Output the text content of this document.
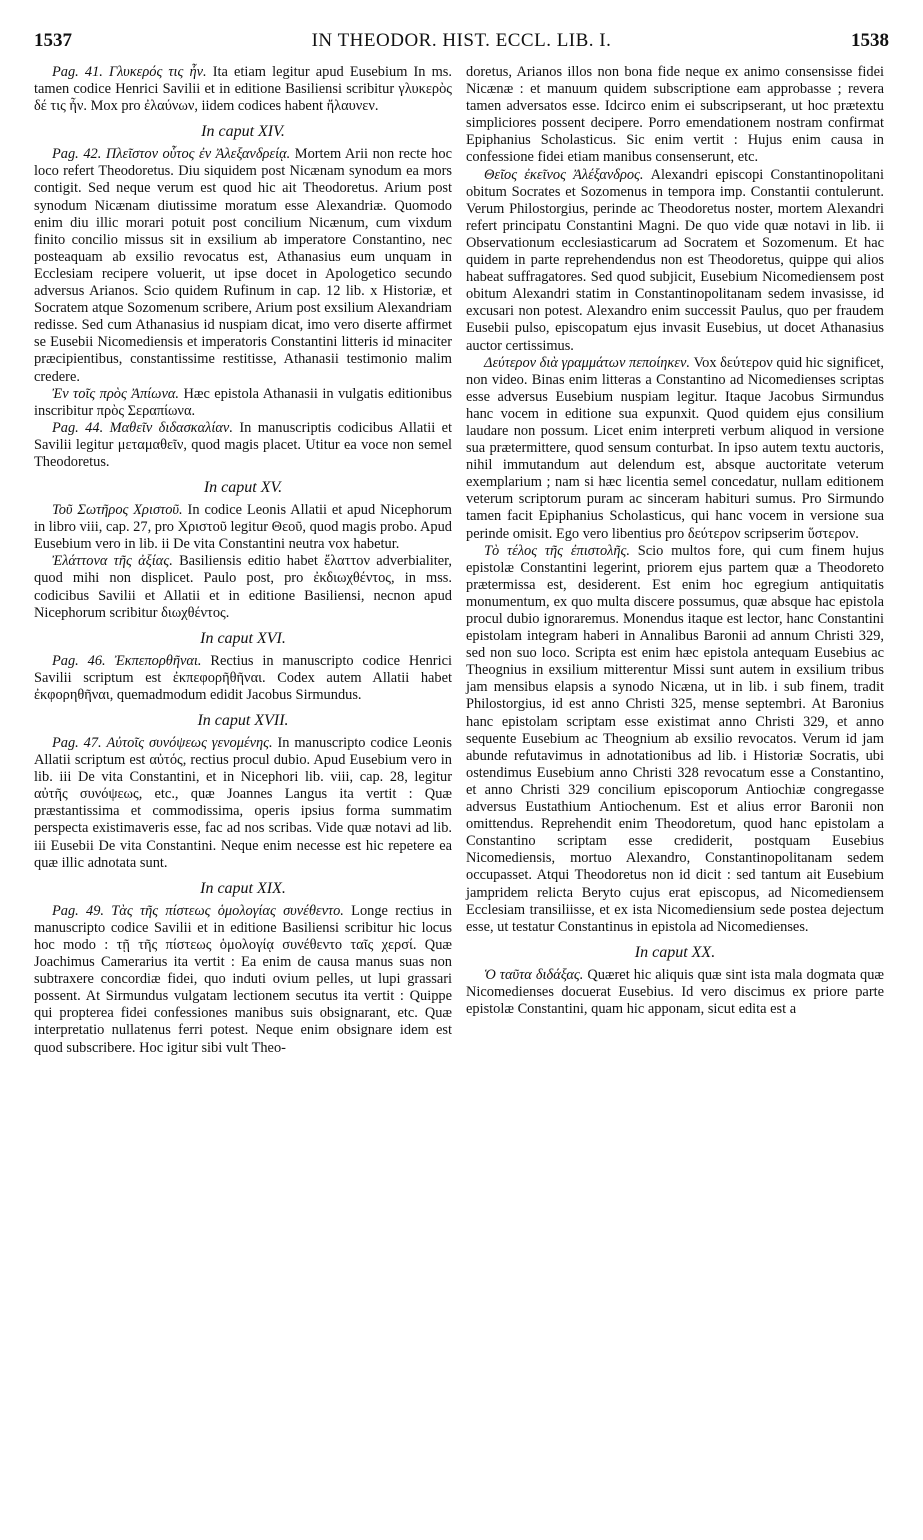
1537	IN THEODOR. HIST. ECCL. LIB. I.	1538

Pag. 41. Γλυκερός τις ἦν. Ita etiam legitur apud Eusebium In ms. tamen codice Henrici Savilii et in editione Basiliensi scribitur γλυκερὸς δέ τις ἦν. Mox pro ἐλαύνων, iidem codices habent ἤλαυνεν.

In caput XIV.

Pag. 42. Πλεῖστον οὗτος ἐν Ἀλεξανδρείᾳ. Mortem Arii non recte hoc loco refert Theodoretus. Diu siquidem post Nicænam synodum ea mors contigit. Sed neque verum est quod hic ait Theodoretus. Arium post synodum Nicænam diutissime moratum esse Alexandriæ. Quomodo enim diu illic morari potuit post concilium Nicænum, cum vixdum finito concilio missus sit in exsilium ab imperatore Constantino, nec posteaquam ab exsilio revocatus est, Athanasius eum unquam in Ecclesiam recipere voluerit, ut ipse docet in Apologetico secundo adversus Arianos. Scio quidem Rufinum in cap. 12 lib. x Historiæ, et Socratem atque Sozomenum scribere, Arium post exsilium Alexandriam redisse. Sed cum Athanasius id nuspiam dicat, imo vero diserte affirmet se Eusebii Nicomediensis et imperatoris Constantini litteris id minaciter præcipientibus, constantissime restitisse, Athanasii testimonio malim credere.

Ἐν τοῖς πρὸς Ἀπίωνα. Hæc epistola Athanasii in vulgatis editionibus inscribitur πρὸς Σεραπίωνα.

Pag. 44. Μαθεῖν διδασκαλίαν. In manuscriptis codicibus Allatii et Savilii legitur μεταμαθεῖν, quod magis placet. Utitur ea voce non semel Theodoretus.

In caput XV.

Τοῦ Σωτῆρος Χριστοῦ. In codice Leonis Allatii et apud Nicephorum in libro viii, cap. 27, pro Χριστοῦ legitur Θεοῦ, quod magis probo. Apud Eusebium vero in lib. ii De vita Constantini neutra vox habetur.

Ἐλάττονα τῆς ἀξίας. Basiliensis editio habet ἔλαττον adverbialiter, quod mihi non displicet. Paulo post, pro ἐκδιωχθέντος, in mss. codicibus Savilii et Allatii et in editione Basiliensi, necnon apud Nicephorum scribitur διωχθέντος.

In caput XVI.

Pag. 46. Ἐκπεπορθῆναι. Rectius in manuscripto codice Henrici Savilii scriptum est ἐκπεφορῆθῆναι. Codex autem Allatii habet ἐκφορηθῆναι, quemadmodum edidit Jacobus Sirmundus.

In caput XVII.

Pag. 47. Αὐτοῖς συνόψεως γενομένης. In manuscripto codice Leonis Allatii scriptum est αὐτός, rectius procul dubio. Apud Eusebium vero in lib. iii De vita Constantini, et in Nicephori lib. viii, cap. 28, legitur αὐτῆς συνόψεως, etc., quæ Joannes Langus ita vertit : Quæ præstantissima et commodissima, operis ipsius forma summatim perspecta existimaveris esse, fac ad nos scribas. Vide quæ notavi ad lib. iii Eusebii De vita Constantini. Neque enim necesse est hic repetere ea quæ illic adnotata sunt.

In caput XIX.

Pag. 49. Τὰς τῆς πίστεως ὁμολογίας συνέθεντο. Longe rectius in manuscripto codice Savilii et in editione Basiliensi scribitur hic locus hoc modo : τῇ τῆς πίστεως ὁμολογίᾳ συνέθεντο ταῖς χερσί. Quæ Joachimus Camerarius ita vertit : Ea enim de causa manus suas non subtraxere concordiæ fidei, quo induti ovium pelles, ut lupi grassari possent. At Sirmundus vulgatam lectionem secutus ita vertit : Quippe qui propterea fidei confessiones manibus suis obsignarant, etc. Quæ interpretatio nullatenus ferri potest. Neque enim obsignare idem est quod subscribere. Hoc igitur sibi vult Theo-

doretus, Arianos illos non bona fide neque ex animo consensisse fidei Nicænæ : et manuum quidem subscriptione eam approbasse ; revera tamen adversatos esse. Idcirco enim ei subscripserant, ut hoc prætextu simpliciores possent decipere. Porro emendationem nostram confirmat Epiphanius Scholasticus. Sic enim vertit : Hujus enim causa in confessione fidei etiam manibus consenserunt, etc.

Θεῖος ἐκεῖνος Ἀλέξανδρος. Alexandri episcopi Constantinopolitani obitum Socrates et Sozomenus in tempora imp. Constantii contulerunt. Verum Philostorgius, perinde ac Theodoretus noster, mortem Alexandri refert principatu Constantini Magni. De quo vide quæ notavi in lib. ii Observationum ecclesiasticarum ad Socratem et Sozomenum. Et hac quidem in parte reprehendendus non est Theodoretus, quippe qui alios habeat suffragatores. Sed quod subjicit, Eusebium Nicomediensem post obitum Alexandri statim in Constantinopolitanam sedem invasisse, id excusari non potest. Alexandro enim successit Paulus, quo per fraudem Eusebii pulso, episcopatum ejus invasit Eusebius, ut docet Athanasius auctor certissimus.

Δεύτερον διὰ γραμμάτων πεποίηκεν. Vox δεύτερον quid hic significet, non video. Binas enim litteras a Constantino ad Nicomedienses scriptas esse adversus Eusebium nuspiam legitur. Itaque Jacobus Sirmundus hanc vocem in editione sua expunxit. Quod quidem ejus consilium laudare non possum. Licet enim interpreti verbum aliquod in versione sua prætermittere, quod sensum conturbat. In ipso autem textu auctoris, nihil immutandum aut delendum est, absque auctoritate veterum exemplarium ; nam si hæc licentia semel concedatur, nullam editionem veterum scriptorum puram ac sinceram habituri sumus. Pro Sirmundo tamen facit Epiphanius Scholasticus, qui hanc vocem in versione sua perinde omisit. Ego vero libentius pro δεύτερον scripserim ὕστερον.

Τὸ τέλος τῆς ἐπιστολῆς. Scio multos fore, qui cum finem hujus epistolæ Constantini legerint, priorem ejus partem quæ a Theodoreto prætermissa est, desiderent. Est enim hoc egregium antiquitatis monumentum, ex quo multa discere possumus, quæ absque hac epistola procul dubio ignoraremus. Monendus itaque est lector, hanc Constantini epistolam integram haberi in Annalibus Baronii ad annum Christi 329, sed non suo loco. Scripta est enim hæc epistola antequam Eusebius ac Theognius in exsilium mitterentur Missi sunt autem in exsilium tribus jam mensibus elapsis a synodo Nicæna, ut in lib. i sub finem, tradit Philostorgius, id est anno Christi 325, mense septembri. At Baronius hanc epistolam scriptam esse existimat anno Christi 329, et anno sequente Eusebium ac Theognium ab exsilio revocatos. Verum id jam abunde refutavimus in adnotationibus ad lib. i Historiæ Socratis, ubi ostendimus Eusebium anno Christi 328 revocatum esse a Constantino, et anno Christi 329 concilium episcoporum Antiochiæ congregasse adversus Eustathium Antiochenum. Est et alius error Baronii non omittendus. Reprehendit enim Theodoretum, quod hanc epistolam a Constantino scriptam esse crediderit, postquam Eusebius Nicomediensis, mortuo Alexandro, Constantinopolitanam sedem occupasset. Atqui Theodoretus non id dicit : sed tantum ait Eusebium jampridem relicta Beryto cujus erat episcopus, ad Nicomediensem Ecclesiam transiliisse, et ex ista Nicomediensium sede postea dejectum esse, ut testatur Constantinus in epistola ad Nicomedienses.

In caput XX.

Ὁ ταῦτα διδάξας. Quæret hic aliquis quæ sint ista mala dogmata quæ Nicomedienses docuerat Eusebius. Id vero discimus ex priore parte epistolæ Constantini, quam hic apponam, sicut edita est a
